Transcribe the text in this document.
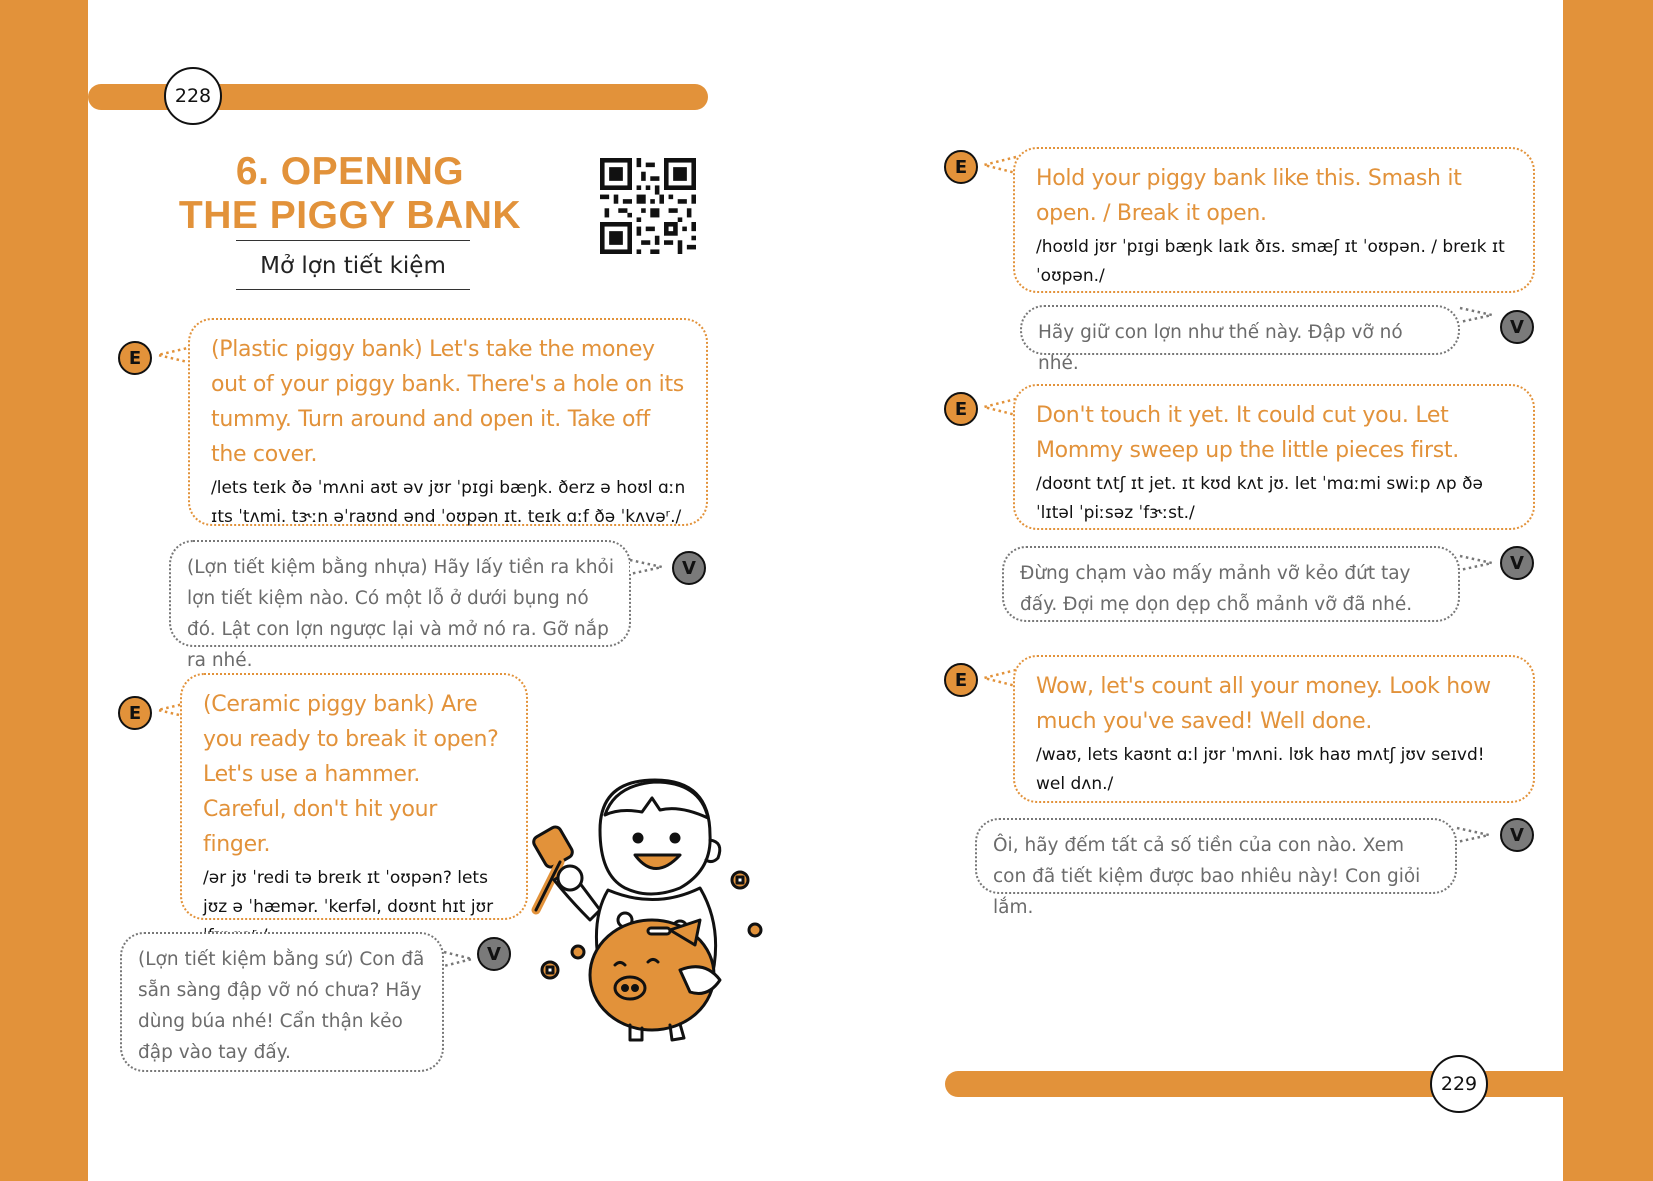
228
229
6. OPENING
THE PIGGY BANK
Mở lợn tiết kiệm
E	(Plastic piggy bank) Let's take the money out of your piggy bank. There's a hole on its tummy. Turn around and open it. Take off the cover.
/lets teɪk ðə ˈmʌni aʊt əv jʊr ˈpɪgi bæŋk. ðerz ə hoʊl ɑːn ɪts ˈtʌmi. tɝːn əˈraʊnd ənd ˈoʊpən ɪt. teɪk ɑːf ðə ˈkʌvəʳ./
(Lợn tiết kiệm bằng nhựa) Hãy lấy tiền ra khỏi lợn tiết kiệm nào. Có một lỗ ở dưới bụng nó đó. Lật con lợn ngược lại và mở nó ra. Gỡ nắp ra nhé.
V
E	(Ceramic piggy bank) Are you ready to break it open? Let's use a hammer. Careful, don't hit your finger.
/ər jʊ ˈredi tə breɪk ɪt ˈoʊpən? lets jʊz ə ˈhæmər. ˈkerfəl, doʊnt hɪt jʊr
(Lợn tiết kiệm bằng sứ) Con đã sẵn sàng đập vỡ nó chưa? Hãy dùng búa nhé! Cẩn thận kẻo đập vào tay đấy.
V
E	Hold your piggy bank like this. Smash it open. / Break it open.
/hoʊld jʊr ˈpɪgi bæŋk laɪk ðɪs. smæʃ ɪt ˈoʊpən. / breɪk ɪt ˈoʊpən./
Hãy giữ con lợn như thế này. Đập vỡ nó nhé.
V
E	Don't touch it yet. It could cut you. Let Mommy sweep up the little pieces first.
/doʊnt tʌtʃ ɪt jet. ɪt kʊd kʌt jʊ. let ˈmɑːmi swiːp ʌp ðə ˈlɪtəl ˈpiːsəz ˈfɝːst./
Đừng chạm vào mấy mảnh vỡ kẻo đứt tay đấy. Đợi mẹ dọn dẹp chỗ mảnh vỡ đã nhé.
V
E	Wow, let's count all your money. Look how much you've saved! Well done.
/waʊ, lets kaʊnt ɑːl jʊr ˈmʌni. lʊk haʊ mʌtʃ jʊv seɪvd! wel dʌn./
Ôi, hãy đếm tất cả số tiền của con nào. Xem con đã tiết kiệm được bao nhiêu này! Con giỏi lắm.
V
